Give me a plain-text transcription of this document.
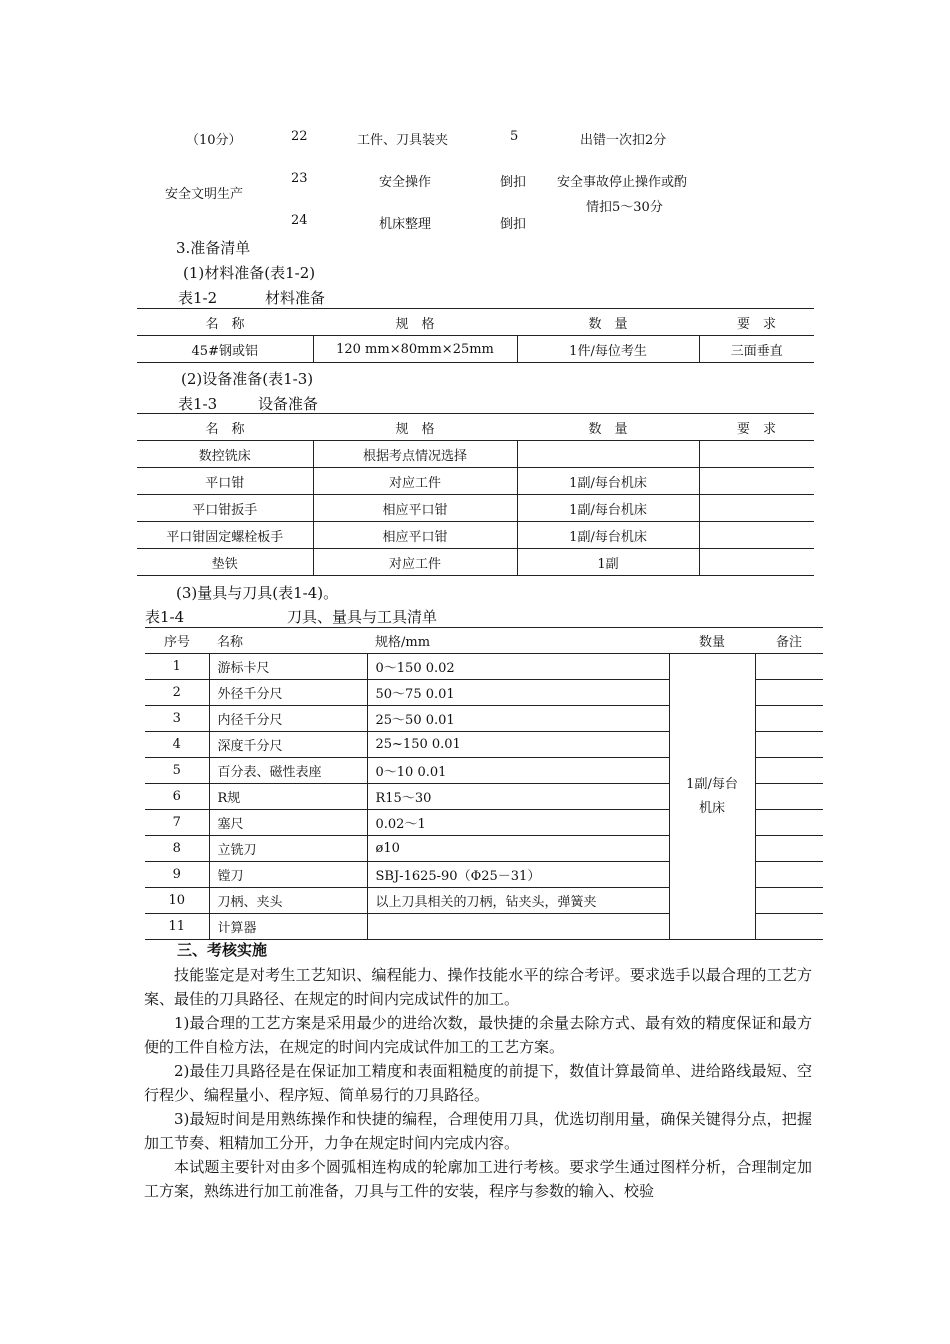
（10分）	22	工件、刀具装夹	5	出错一次扣2分
安全文明生产
23	安全操作	倒扣 安全事故停止操作或酌
情扣5～30分
24	机床整理	倒扣
3.准备清单
(1)材料准备(表1-2)
表1-2	材料准备
名　称	规　格	数　量	要　求
45#钢或铝	120 mm×80mm×25mm	1件/每位考生	三面垂直
(2)设备准备(表1-3)
表1-3	设备准备
名　称	规　格	数　量	要　求
数控铣床	根据考点情况选择		
平口钳	对应工件	1副/每台机床	
平口钳扳手	相应平口钳	1副/每台机床	
平口钳固定螺栓板手	相应平口钳	1副/每台机床	
垫铁	对应工件	1副	
(3)量具与刀具(表1-4)。
表1-4	刀具、量具与工具清单
序号	名称	规格/mm	数量	备注
1	游标卡尺	0～150 0.02	1副/每台
机床	

2	外径千分尺	50～75 0.01		
3	内径千分尺	25～50 0.01		
4	深度千分尺	25~150 0.01		
5	百分表、磁性表座	0～10 0.01		
6	R规	R15～30		
7	塞尺	0.02～1		
8	立铣刀	ø10		
9	镗刀	SBJ-1625-90（Φ25－31）		
10	刀柄、夹头	以上刀具相关的刀柄，钻夹头，弹簧夹		
11	计算器			
三、考核实施

技能鉴定是对考生工艺知识、编程能力、操作技能水平的综合考评。要求选手以最合理的工艺方案、最佳的刀具路径、在规定的时间内完成试件的加工。

1)最合理的工艺方案是采用最少的进给次数，最快捷的余量去除方式、最有效的精度保证和最方便的工件自检方法，在规定的时间内完成试件加工的工艺方案。

2)最佳刀具路径是在保证加工精度和表面粗糙度的前提下，数值计算最简单、进给路线最短、空行程少、编程量小、程序短、简单易行的刀具路径。

3)最短时间是用熟练操作和快捷的编程，合理使用刀具，优选切削用量，确保关键得分点，把握加工节奏、粗精加工分开，力争在规定时间内完成内容。

本试题主要针对由多个圆弧相连构成的轮廓加工进行考核。要求学生通过图样分析，合理制定加工方案，熟练进行加工前准备，刀具与工件的安装，程序与参数的输入、校验
